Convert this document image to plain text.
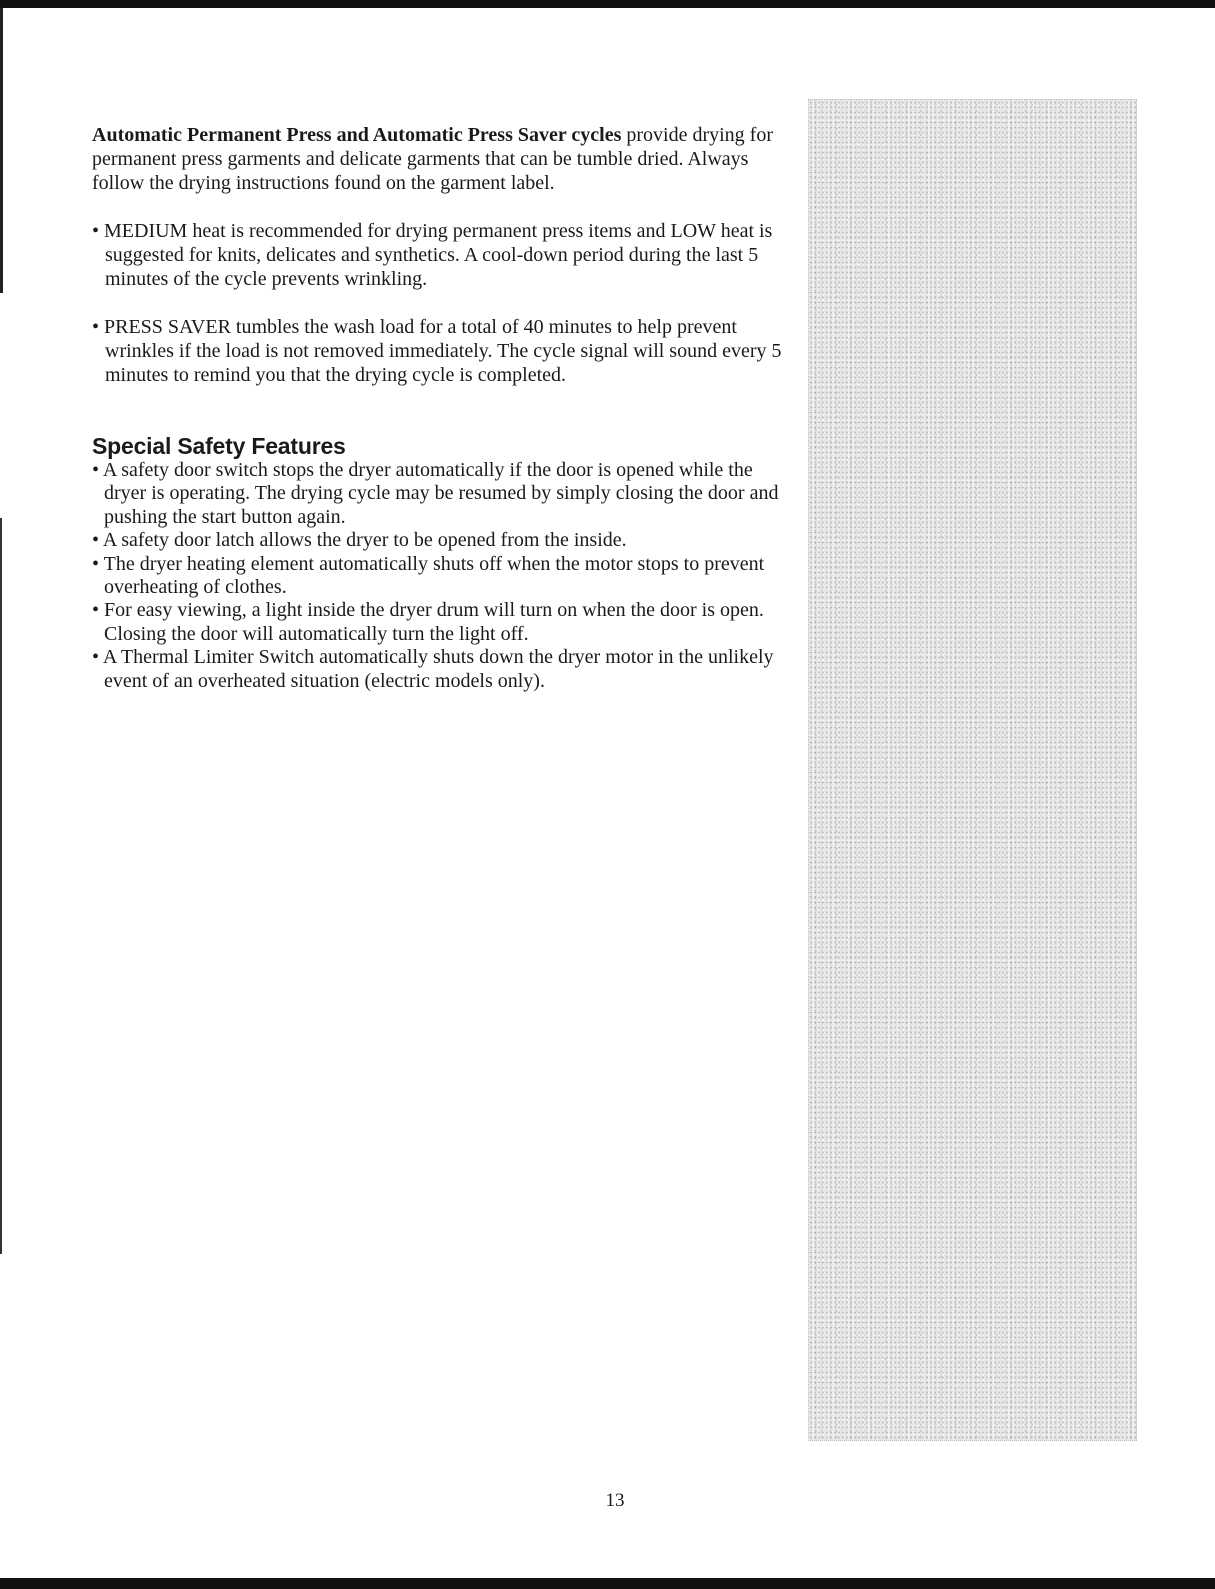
Automatic Permanent Press and Automatic Press Saver cycles provide drying for permanent press garments and delicate garments that can be tumble dried. Always follow the drying instructions found on the garment label.

• MEDIUM heat is recommended for drying permanent press items and LOW heat is suggested for knits, delicates and synthetics. A cool-down period during the last 5 minutes of the cycle prevents wrinkling.

• PRESS SAVER tumbles the wash load for a total of 40 minutes to help prevent wrinkles if the load is not removed immediately. The cycle signal will sound every 5 minutes to remind you that the drying cycle is completed.

Special Safety Features
• A safety door switch stops the dryer automatically if the door is opened while the dryer is operating. The drying cycle may be resumed by simply closing the door and pushing the start button again.
• A safety door latch allows the dryer to be opened from the inside.
• The dryer heating element automatically shuts off when the motor stops to prevent overheating of clothes.
• For easy viewing, a light inside the dryer drum will turn on when the door is open. Closing the door will automatically turn the light off.
• A Thermal Limiter Switch automatically shuts down the dryer motor in the unlikely event of an overheated situation (electric models only).
13
